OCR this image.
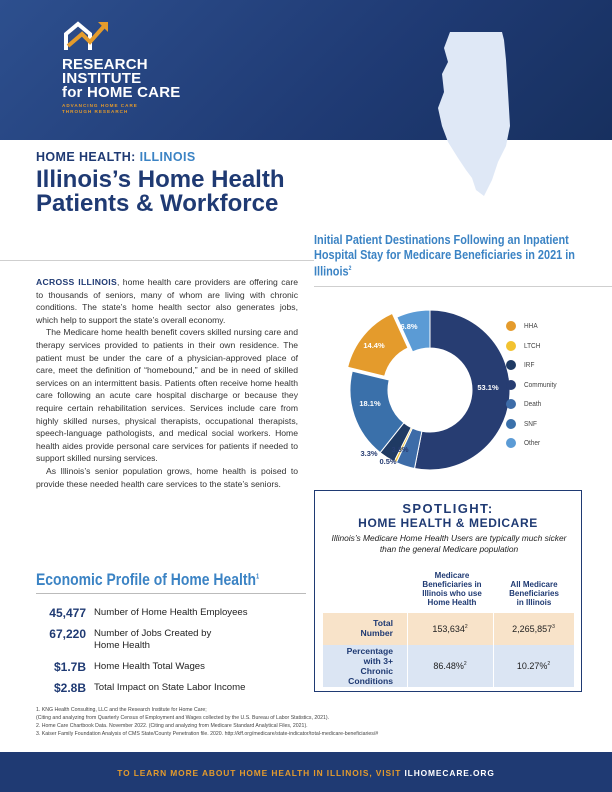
RESEARCH
INSTITUTE
for HOME CARE
ADVANCING HOME CARE
THROUGH RESEARCH
HOME HEALTH: ILLINOIS
Illinois’s Home Health Patients & Workforce

ACROSS ILLINOIS, home health care providers are offering care to thousands of seniors, many of whom are living with chronic conditions. The state’s home health sector also generates jobs, which help to support the state’s overall economy.

The Medicare home health benefit covers skilled nursing care and therapy services provided to patients in their own residence. The patient must be under the care of a physician-approved place of care, meet the definition of “homebound,” and be in need of skilled services on an intermittent basis. Patients often receive home health care following an acute care hospital discharge or because they require certain rehabilitation services. Services include care from highly skilled nurses, physical therapists, occupational therapists, speech-language pathologists, and medical social workers. Home health aides provide personal care services for patients if needed to support skilled nursing services.

As Illinois’s senior population grows, home health is poised to provide these needed health care services to the state’s seniors.

Economic Profile of Home Health$^1$
45,477 Number of Home Health Employees
67,220 Number of Jobs Created by Home Health
$1.7B Home Health Total Wages
$2.8B Total Impact on State Labor Income
Initial Patient Destinations Following an Inpatient Hospital Stay for Medicare Beneficiaries in 2021 in Illinois$^2$
53.1%
3.8%
0.5%
3.3%
18.1%
14.4%
6.8%	HHA
LTCH
IRF
Community
Death
SNF
Other
SPOTLIGHT:
HOME HEALTH & MEDICARE
Illinois’s Medicare Home Health Users are typically much sicker than the general Medicare population
Medicare
Beneficiaries in
Illinois who use
Home Health
All Medicare
Beneficiaries
in Illinois
Total
Number	153,634$^2$	2,265,857$^3$
Percentage
with 3+
Chronic
Conditions
86.48%$^2$	10.27%$^2$
1. KNG Health Consulting, LLC and the Research Institute for Home Care;
(Citing and analyzing from Quarterly Census of Employment and Wages collected by the U.S. Bureau of Labor Statistics, 2021).
2. Home Care Chartbook Data. November 2022. (Citing and analyzing from Medicare Standard Analytical Files, 2021).
3. Kaiser Family Foundation Analysis of CMS State/County Penetration file. 2020. http://kff.org/medicare/state-indicator/total-medicare-beneficiaries/#
TO LEARN MORE ABOUT HOME HEALTH IN ILLINOIS, VISIT ILHOMECARE.ORG
